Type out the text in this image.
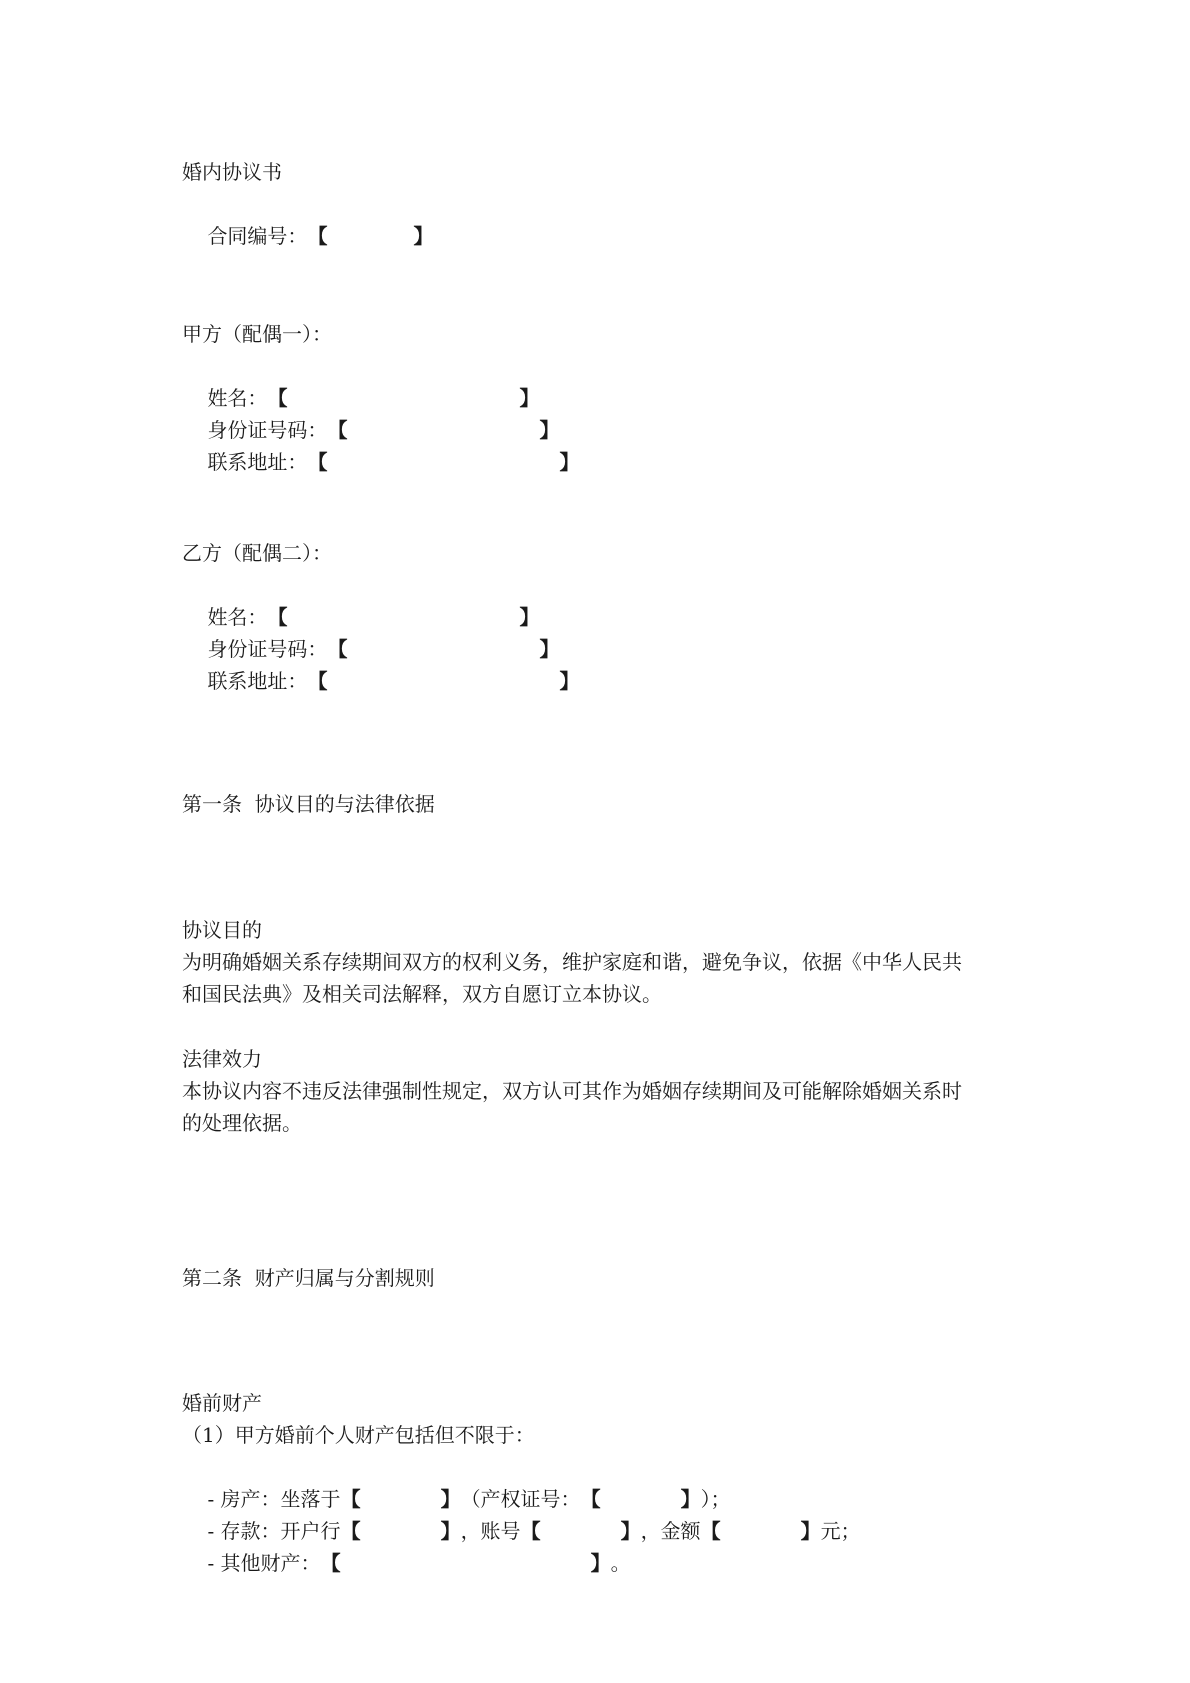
婚内协议书

合同编号：【	】

甲方（配偶一）：

姓名：【	】

身份证号码：【	】

联系地址：【	】

乙方（配偶二）：

姓名：【	】

身份证号码：【	】

联系地址：【	】

第一条  协议目的与法律依据
协议目的
为明确婚姻关系存续期间双方的权利义务，维护家庭和谐，避免争议，依据《中华人民共
和国民法典》及相关司法解释，双方自愿订立本协议。
法律效力
本协议内容不违反法律强制性规定，双方认可其作为婚姻存续期间及可能解除婚姻关系时
的处理依据。
第二条  财产归属与分割规则
婚前财产
（1）甲方婚前个人财产包括但不限于：

- 房产：坐落于【	】（产权证号：【	】）；

- 存款：开户行【	】，账号【	】，金额【	】元；

- 其他财产：【	】。
